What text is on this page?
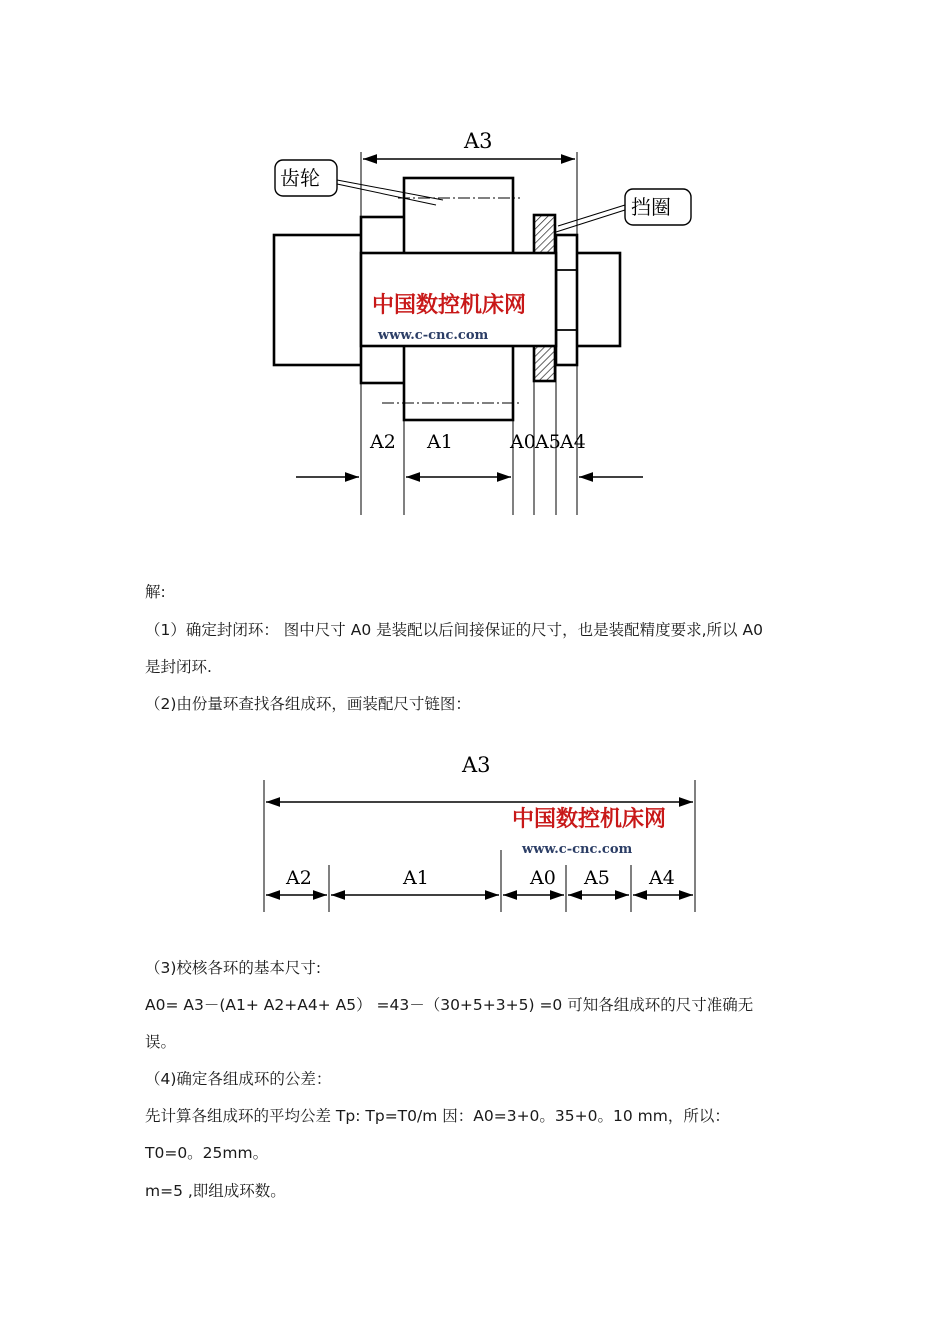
A3
中国数控机床网
www.c-cnc.com
齿轮
挡圈
A2 A1	A0 A5 A4
解:
（1）确定封闭环： 图中尺寸 A0 是装配以后间接保证的尺寸，也是装配精度要求,所以 A0
是封闭环.
（2)由份量环查找各组成环，画装配尺寸链图：
A3
中国数控机床网
www.c-cnc.com
A2	A1	A0 A5 A4
（3)校核各环的基本尺寸:
A0= A3－(A1+ A2+A4+ A5） =43－（30+5+3+5) =0 可知各组成环的尺寸准确无
误。
（4)确定各组成环的公差：
先计算各组成环的平均公差 Tp: Tp=T0/m 因：A0=3+0。35+0。10 mm，所以：
T0=0。25mm。
m=5 ,即组成环数。
